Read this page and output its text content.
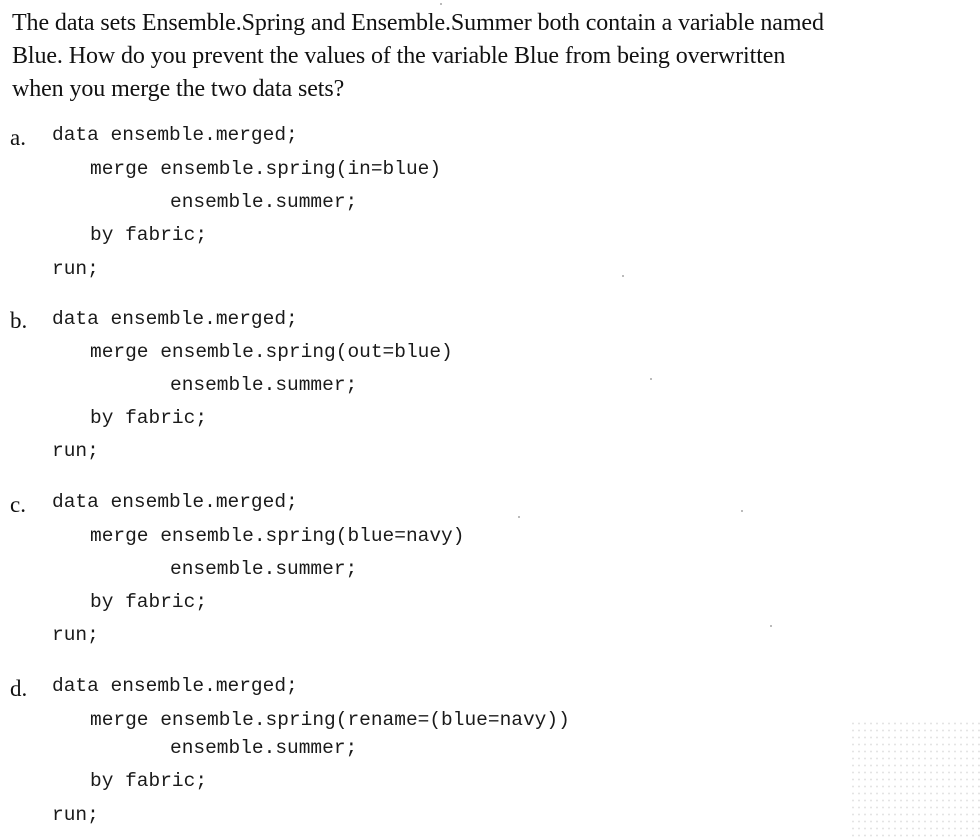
The data sets Ensemble.Spring and Ensemble.Summer both contain a variable named
Blue. How do you prevent the values of the variable Blue from being overwritten
when you merge the two data sets?
a. data ensemble.merged;
merge ensemble.spring(in=blue)
ensemble.summer;
by fabric;
run;
b. data ensemble.merged;
merge ensemble.spring(out=blue)
ensemble.summer;
by fabric;
run;
c. data ensemble.merged;
merge ensemble.spring(blue=navy)
ensemble.summer;
by fabric;
run;
d. data ensemble.merged;
merge ensemble.spring(rename=(blue=navy))
ensemble.summer;
by fabric;
run;
